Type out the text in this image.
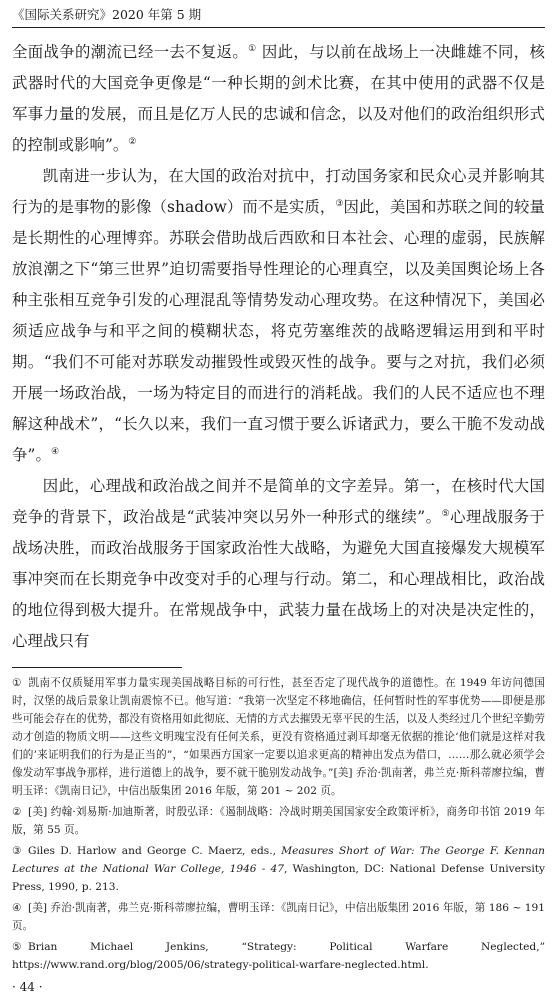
《国际关系研究》2020 年第 5 期

全面战争的潮流已经一去不复返。① 因此，与以前在战场上一决雌雄不同，核武器时代的大国竞争更像是“一种长期的剑术比赛，在其中使用的武器不仅是军事力量的发展，而且是亿万人民的忠诚和信念，以及对他们的政治组织形式的控制或影响”。②

凯南进一步认为，在大国的政治对抗中，打动国务家和民众心灵并影响其行为的是事物的影像（shadow）而不是实质，③因此，美国和苏联之间的较量是长期性的心理博弈。苏联会借助战后西欧和日本社会、心理的虚弱，民族解放浪潮之下“第三世界”迫切需要指导性理论的心理真空，以及美国舆论场上各种主张相互竞争引发的心理混乱等情势发动心理攻势。在这种情况下，美国必须适应战争与和平之间的模糊状态，将克劳塞维茨的战略逻辑运用到和平时期。“我们不可能对苏联发动摧毁性或毁灭性的战争。要与之对抗，我们必须开展一场政治战，一场为特定目的而进行的消耗战。我们的人民不适应也不理解这种战术”，“长久以来，我们一直习惯于要么诉诸武力，要么干脆不发动战争”。④

因此，心理战和政治战之间并不是简单的文字差异。第一，在核时代大国竞争的背景下，政治战是“武装冲突以另外一种形式的继续”。⑤心理战服务于战场决胜，而政治战服务于国家政治性大战略，为避免大国直接爆发大规模军事冲突而在长期竞争中改变对手的心理与行动。第二，和心理战相比，政治战的地位得到极大提升。在常规战争中，武装力量在战场上的对决是决定性的，心理战只有

① 凯南不仅质疑用军事力量实现美国战略目标的可行性，甚至否定了现代战争的道德性。在 1949 年访问德国时，汉堡的战后景象让凯南震惊不已。他写道：“我第一次坚定不移地确信，任何暂时性的军事优势——即便是那些可能会存在的优势，都没有资格用如此彻底、无情的方式去摧毁无辜平民的生活，以及人类经过几个世纪辛勤劳动才创造的物质文明——这些文明瑰宝没有任何关系，更没有资格通过剥耳却毫无依据的推论‘他们就是这样对我们的’来证明我们的行为是正当的”，“如果西方国家一定要以追求更高的精神出发点为借口，……那么就必须学会像发动军事战争那样，进行道德上的战争，要不就干脆别发动战争。”[美] 乔治·凯南著，弗兰克·斯科蒂廖拉编，曹明玉译：《凯南日记》，中信出版集团 2016 年版，第 201 ~ 202 页。

② [美] 约翰·刘易斯·加迪斯著，时殷弘译：《遏制战略：冷战时期美国国家安全政策评析》，商务印书馆 2019 年版，第 55 页。

③ Giles D. Harlow and George C. Maerz, eds., Measures Short of War: The George F. Kennan Lectures at the National War College, 1946 - 47, Washington, DC: National Defense University Press, 1990, p. 213.

④ [美] 乔治·凯南著，弗兰克·斯科蒂廖拉编，曹明玉译：《凯南日记》，中信出版集团 2016 年版，第 186 ~ 191 页。

⑤ Brian Michael Jenkins, “Strategy: Political Warfare Neglected,” https://www.rand.org/blog/2005/06/strategy-political-warfare-neglected.html.

· 44 ·
